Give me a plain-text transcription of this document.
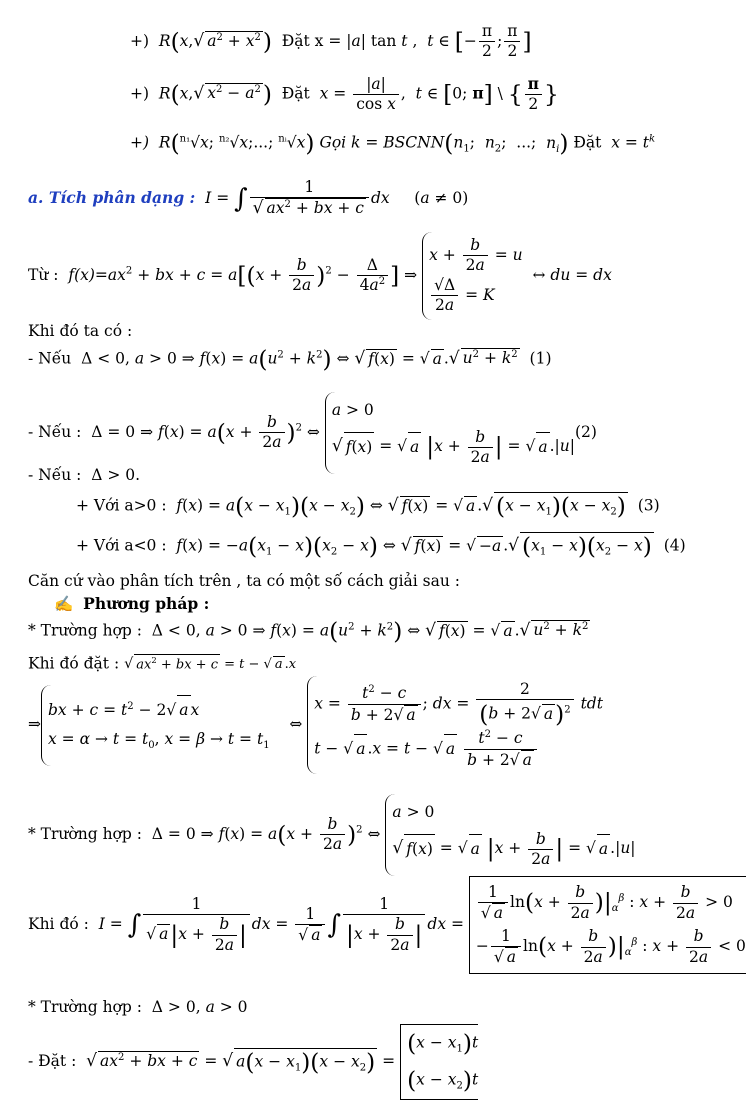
+)  R(x,√ $a^2 + x^2$)  Đặt x = |a| tan t ,  t ∈ [− $\frac{\pi}{2}$ ; $\frac{\pi}{2}$ ]
+)  R(x,√ $x^2 - a^2$)  Đặt  $x = \frac{|a|}{\text{cos x}}$ ,  t ∈ [0; π] \ { $\frac{\pi}{2}$ }
+)  R($^{n_1}$√x; $^{n_2}$√x;...; $^{nᵢ}$√x) Gọi $k = BSCNN(n_1$;  $n_2$;  ...;  $n_i$) Đặt  $x = t^k$
a. Tích phân dạng : I = ∫ $\frac{1}{√ ax^2 + bx + c}$ dx     (a ≠ 0)
Từ :  $f(x)=ax^2$ + bx + $c = a[(x + \frac{b}{2a} )^2 - \frac{\Delta}{4a^2}$ ] ⇒
$x + \frac{b}{2a} = u$
$\frac{√\Delta}{2a} = K$
↔ du = dx
Khi đó ta có :
- Nếu  Δ < 0, a > 0 ⇒ $f(x) = a(u^2 + k^2)$ ⇔ √ f(x) = √ a .√ $u^2 + k^2$  (1)
- Nếu :  Δ = 0 ⇒ $f(x) = a(x + \frac{b}{2a} )^2$ ⇔
a > 0
√ f(x) = √ a $|x + \frac{b}{2a}$ | = √ a .|u|
(2)
- Nếu :  Δ > 0.
+ Với a>0 :  $f(x) = a(x - x_1)(x - x_2)$ ⇔ √ f(x) = √ a .√ $(x - x_1)(x - x_2)$  (3)
+ Với a<0 :  $f(x) = -a(x_1 - x)(x_2 - x)$ ⇔ √ f(x) = √ −a .√ $(x_1 - x)(x_2 - x)$  (4)
Căn cứ vào phân tích trên , ta có một số cách giải sau :
✍ Phương pháp :
* Trường hợp :  Δ < 0, a > 0 ⇒ $f(x) = a(u^2 + k^2)$ ⇔ √ f(x) = √ a .√ $u^2 + k^2$
Khi đó đặt : √ $ax^2$ + bx + c = t − √ a .x
⇒
bx + $c = t^2 - 2√$ a x
$x = \alpha \to t = t_0$, $x = \beta \to t = t_1$
⇔
$x = \frac{t^2 - c}{b + 2√ a}$ ; dx = $\frac{2}{(b + 2√ a)^2}$ tdt
t − √ a .x = t − √ a $\frac{t^2 - c}{b + 2√ a}$
* Trường hợp :  Δ = 0 ⇒ $f(x) = a(x + \frac{b}{2a} )^2$ ⇔
a > 0
√ f(x) = √ a $|x + \frac{b}{2a}$ | = √ a .|u|
Khi đó :  I = ∫ $\frac{1}{√ a|x + \frac{b}{2a} |}$ dx = $\frac{1}{√ a}$ ∫ $\frac{1}{|x + \frac{b}{2a} |}$ dx =
$\frac{1}{√ a} \ln(x + \frac{b}{2a} )|_\alpha^\beta$ : $x + \frac{b}{2a} > 0$
− $\frac{1}{√ a} \ln(x + \frac{b}{2a} )|_\alpha^\beta$ : $x + \frac{b}{2a} < 0$
* Trường hợp :  Δ > 0, a > 0
- Đặt :  √ $ax^2$ + bx + c = √ $a(x - x_1)(x - x_2)$ =
$(x - x_1)t$
$(x - x_2)t$
